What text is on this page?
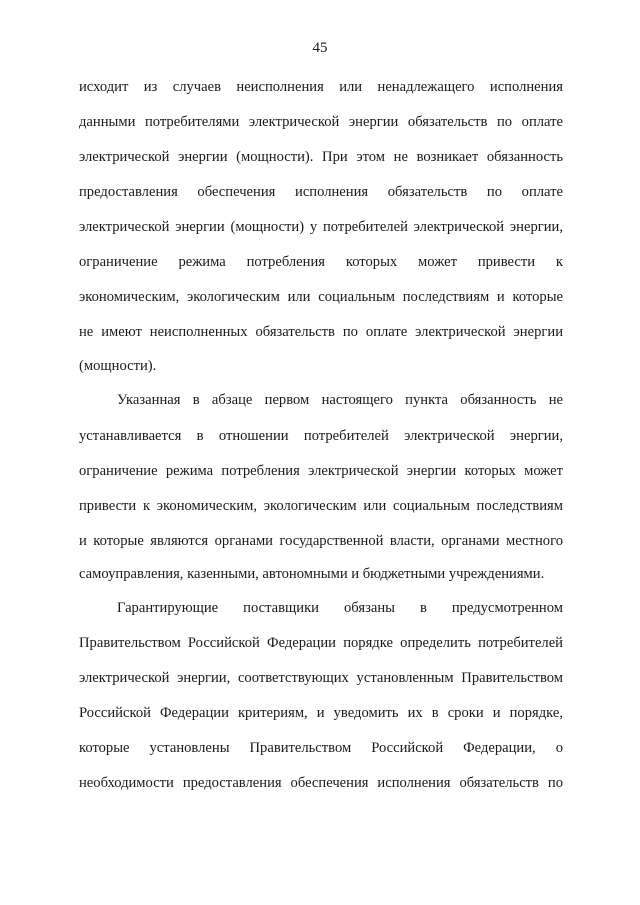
45
исходит из случаев неисполнения или ненадлежащего исполнения
данными потребителями электрической энергии обязательств по оплате
электрической энергии (мощности). При этом не возникает обязанность
предоставления обеспечения исполнения обязательств по оплате
электрической энергии (мощности) у потребителей электрической энергии,
ограничение режима потребления которых может привести к
экономическим, экологическим или социальным последствиям и которые
не имеют неисполненных обязательств по оплате электрической энергии
(мощности).
Указанная в абзаце первом настоящего пункта обязанность не
устанавливается в отношении потребителей электрической энергии,
ограничение режима потребления электрической энергии которых может
привести к экономическим, экологическим или социальным последствиям
и которые являются органами государственной власти, органами местного
самоуправления, казенными, автономными и бюджетными учреждениями.
Гарантирующие поставщики обязаны в предусмотренном
Правительством Российской Федерации порядке определить потребителей
электрической энергии, соответствующих установленным Правительством
Российской Федерации критериям, и уведомить их в сроки и порядке,
которые установлены Правительством Российской Федерации, о
необходимости предоставления обеспечения исполнения обязательств по
